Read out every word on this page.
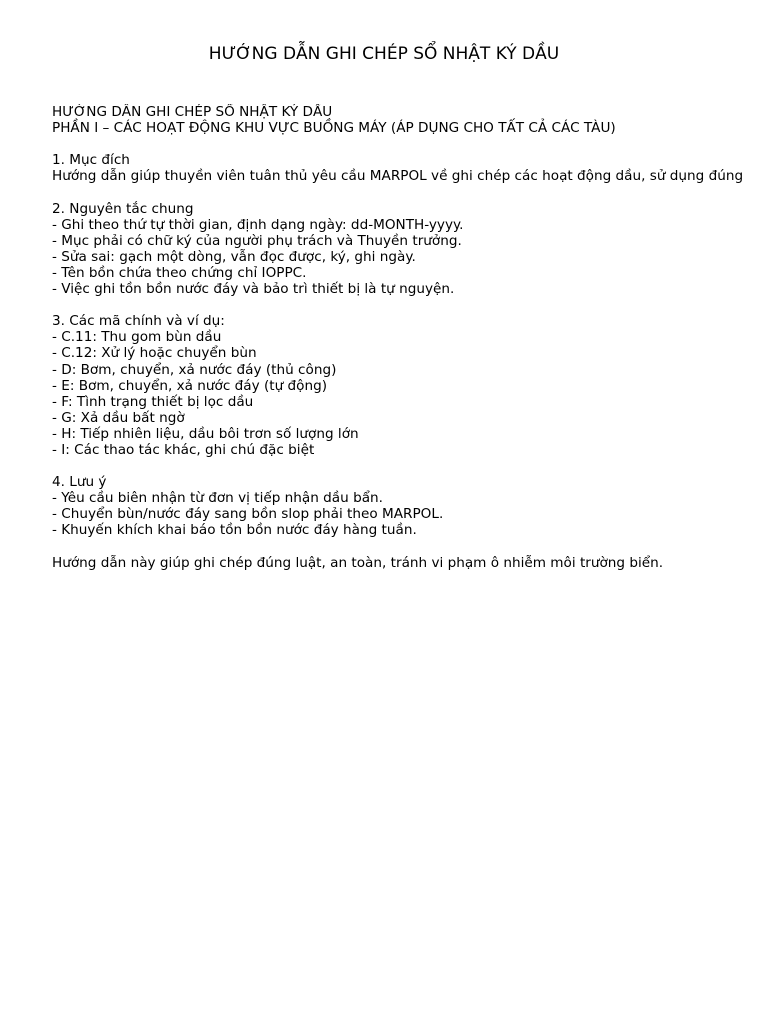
HƯỚNG DẪN GHI CHÉP SỔ NHẬT KÝ DẦU
HƯỚNG DẪN GHI CHÉP SỔ NHẬT KÝ DẦU
PHẦN I – CÁC HOẠT ĐỘNG KHU VỰC BUỒNG MÁY (ÁP DỤNG CHO TẤT CẢ CÁC TÀU)
1. Mục đích
Hướng dẫn giúp thuyền viên tuân thủ yêu cầu MARPOL về ghi chép các hoạt động dầu, sử dụng đúng
2. Nguyên tắc chung
- Ghi theo thứ tự thời gian, định dạng ngày: dd-MONTH-yyyy.
- Mục phải có chữ ký của người phụ trách và Thuyền trưởng.
- Sửa sai: gạch một dòng, vẫn đọc được, ký, ghi ngày.
- Tên bồn chứa theo chứng chỉ IOPPC.
- Việc ghi tồn bồn nước đáy và bảo trì thiết bị là tự nguyện.
3. Các mã chính và ví dụ:
- C.11: Thu gom bùn dầu
- C.12: Xử lý hoặc chuyển bùn
- D: Bơm, chuyển, xả nước đáy (thủ công)
- E: Bơm, chuyển, xả nước đáy (tự động)
- F: Tình trạng thiết bị lọc dầu
- G: Xả dầu bất ngờ
- H: Tiếp nhiên liệu, dầu bôi trơn số lượng lớn
- I: Các thao tác khác, ghi chú đặc biệt
4. Lưu ý
- Yêu cầu biên nhận từ đơn vị tiếp nhận dầu bẩn.
- Chuyển bùn/nước đáy sang bồn slop phải theo MARPOL.
- Khuyến khích khai báo tồn bồn nước đáy hàng tuần.
Hướng dẫn này giúp ghi chép đúng luật, an toàn, tránh vi phạm ô nhiễm môi trường biển.
